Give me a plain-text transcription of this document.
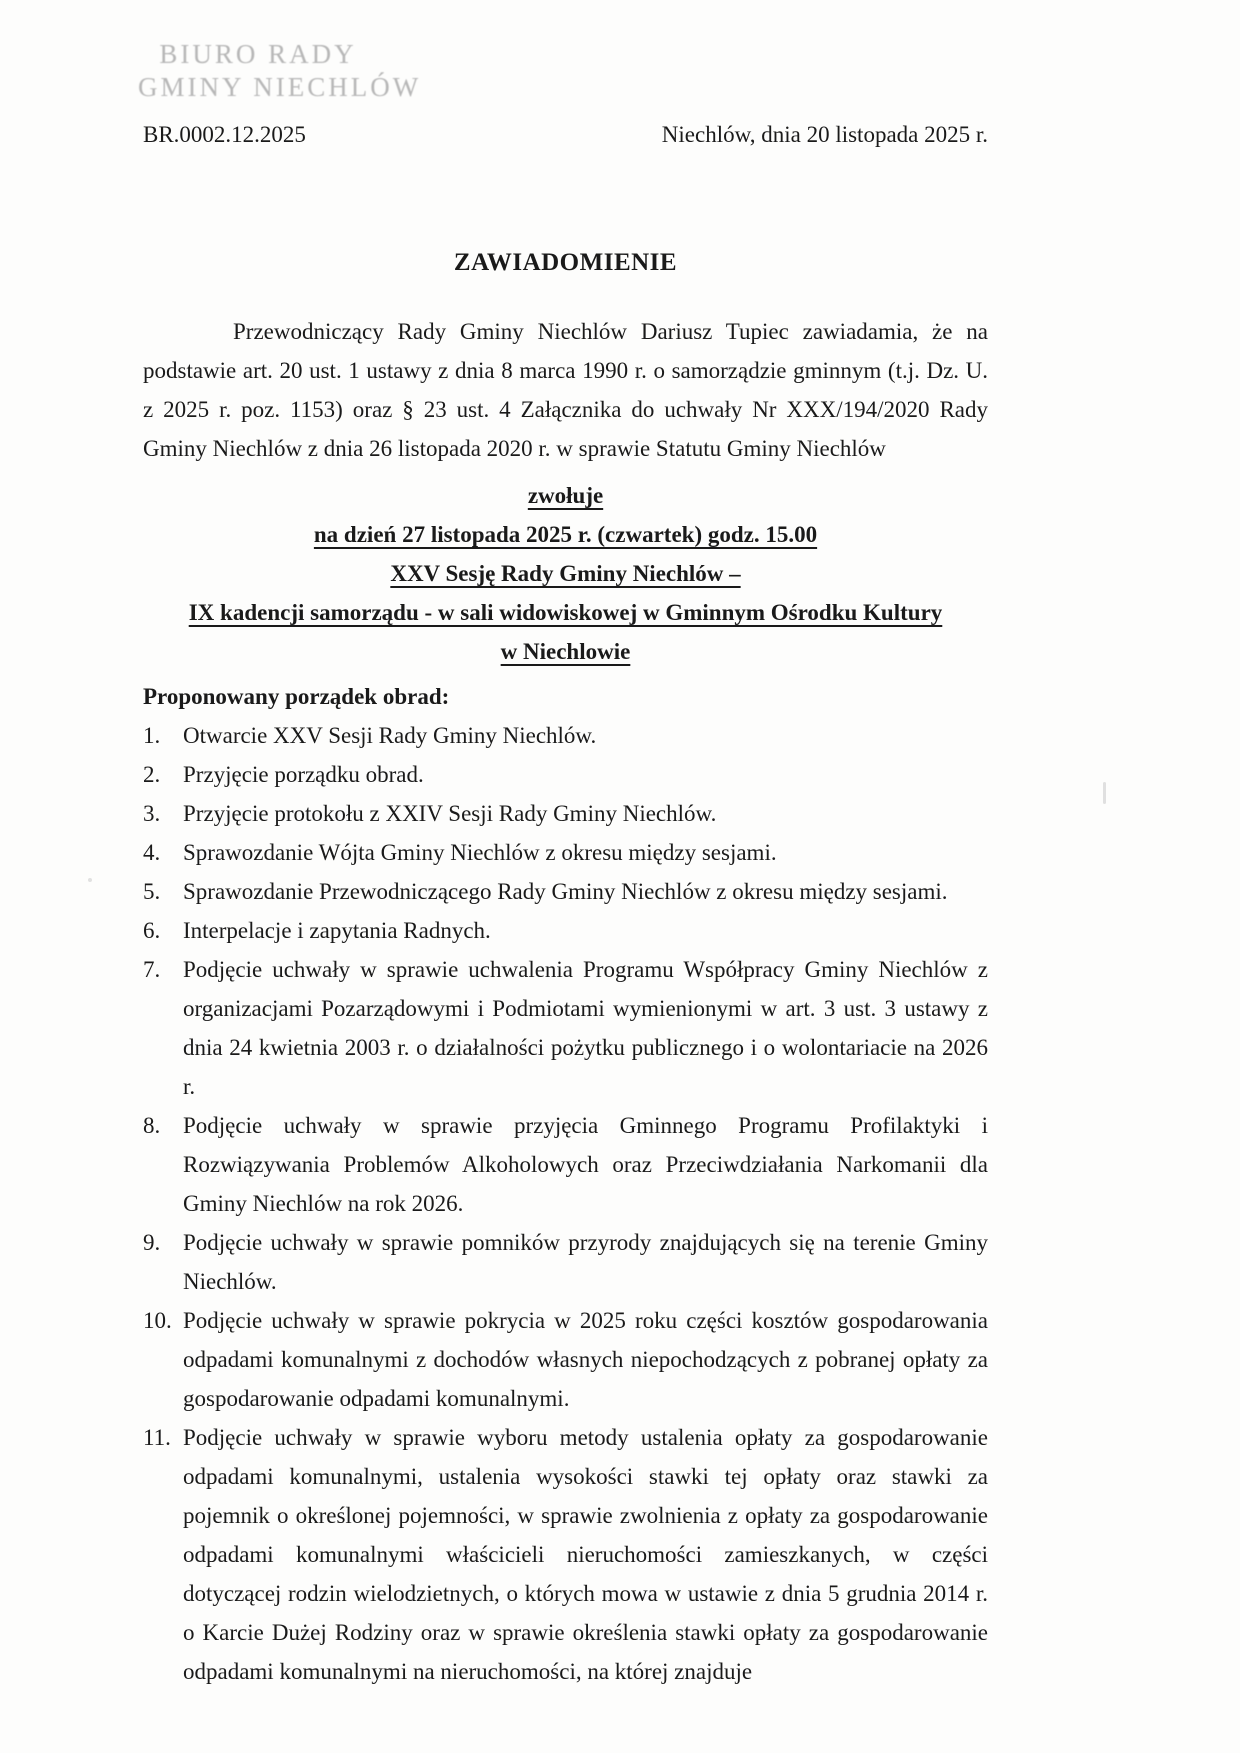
BIURO RADY
GMINY NIECHLÓW
BR.0002.12.2025	Niechlów, dnia 20 listopada 2025 r.
ZAWIADOMIENIE

Przewodniczący Rady Gminy Niechlów Dariusz Tupiec zawiadamia, że na podstawie art. 20 ust. 1 ustawy z dnia 8 marca 1990 r. o samorządzie gminnym (t.j. Dz. U. z 2025 r. poz. 1153) oraz § 23 ust. 4 Załącznika do uchwały Nr XXX/194/2020 Rady Gminy Niechlów z dnia 26 listopada 2020 r. w sprawie Statutu Gminy Niechlów

zwołuje
na dzień 27 listopada 2025 r. (czwartek) godz. 15.00
XXV Sesję Rady Gminy Niechlów –
IX kadencji samorządu - w sali widowiskowej w Gminnym Ośrodku Kultury
w Niechlowie
Proponowany porządek obrad:
1. Otwarcie XXV Sesji Rady Gminy Niechlów.
2. Przyjęcie porządku obrad.
3. Przyjęcie protokołu z XXIV Sesji Rady Gminy Niechlów.
4. Sprawozdanie Wójta Gminy Niechlów z okresu między sesjami.
5. Sprawozdanie Przewodniczącego Rady Gminy Niechlów z okresu między sesjami.
6. Interpelacje i zapytania Radnych.
7. Podjęcie uchwały w sprawie uchwalenia Programu Współpracy Gminy Niechlów z organizacjami Pozarządowymi i Podmiotami wymienionymi w art. 3 ust. 3 ustawy z dnia 24 kwietnia 2003 r. o działalności pożytku publicznego i o wolontariacie na 2026 r.
8. Podjęcie uchwały w sprawie przyjęcia Gminnego Programu Profilaktyki i Rozwiązywania Problemów Alkoholowych oraz Przeciwdziałania Narkomanii dla Gminy Niechlów na rok 2026.
9. Podjęcie uchwały w sprawie pomników przyrody znajdujących się na terenie Gminy Niechlów.
10. Podjęcie uchwały w sprawie pokrycia w 2025 roku części kosztów gospodarowania odpadami komunalnymi z dochodów własnych niepochodzących z pobranej opłaty za gospodarowanie odpadami komunalnymi.
11. Podjęcie uchwały w sprawie wyboru metody ustalenia opłaty za gospodarowanie odpadami komunalnymi, ustalenia wysokości stawki tej opłaty oraz stawki za pojemnik o określonej pojemności, w sprawie zwolnienia z opłaty za gospodarowanie odpadami komunalnymi właścicieli nieruchomości zamieszkanych, w części dotyczącej rodzin wielodzietnych, o których mowa w ustawie z dnia 5 grudnia 2014 r. o Karcie Dużej Rodziny oraz w sprawie określenia stawki opłaty za gospodarowanie odpadami komunalnymi na nieruchomości, na której znajduje
